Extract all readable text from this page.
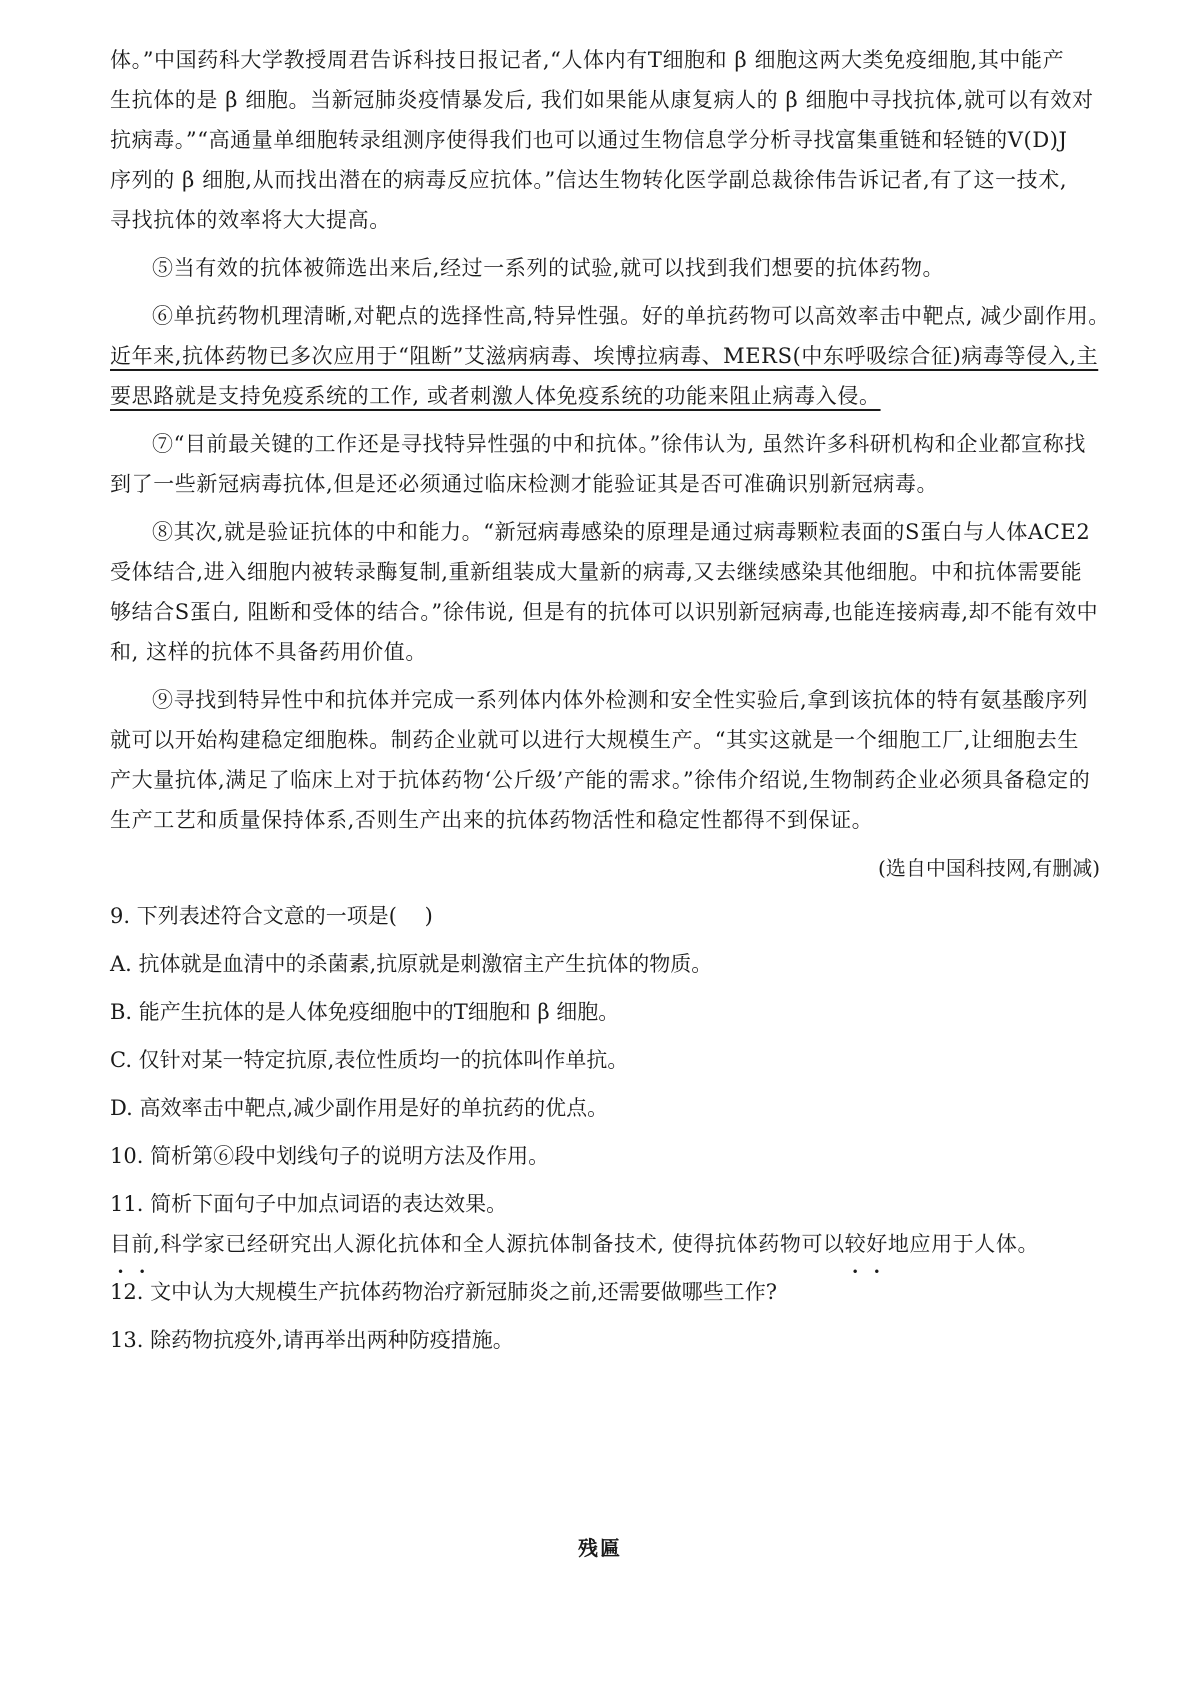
体。”中国药科大学教授周君告诉科技日报记者,“人体内有T细胞和 β 细胞这两大类免疫细胞,其中能产
生抗体的是 β 细胞。当新冠肺炎疫情暴发后, 我们如果能从康复病人的 β 细胞中寻找抗体,就可以有效对
抗病毒。”“高通量单细胞转录组测序使得我们也可以通过生物信息学分析寻找富集重链和轻链的V(D)J
序列的 β 细胞,从而找出潜在的病毒反应抗体。”信达生物转化医学副总裁徐伟告诉记者,有了这一技术,
寻找抗体的效率将大大提高。

⑤当有效的抗体被筛选出来后,经过一系列的试验,就可以找到我们想要的抗体药物。

⑥单抗药物机理清晰,对靶点的选择性高,特异性强。好的单抗药物可以高效率击中靶点, 减少副作用。
近年来,抗体药物已多次应用于“阻断”艾滋病病毒、埃博拉病毒、MERS(中东呼吸综合征)病毒等侵入,主
要思路就是支持免疫系统的工作, 或者刺激人体免疫系统的功能来阻止病毒入侵。

⑦“目前最关键的工作还是寻找特异性强的中和抗体。”徐伟认为, 虽然许多科研机构和企业都宣称找到了一些新冠病毒抗体,但是还必须通过临床检测才能验证其是否可准确识别新冠病毒。

⑧其次,就是验证抗体的中和能力。“新冠病毒感染的原理是通过病毒颗粒表面的S蛋白与人体ACE2受体结合,进入细胞内被转录酶复制,重新组装成大量新的病毒,又去继续感染其他细胞。中和抗体需要能够结合S蛋白, 阻断和受体的结合。”徐伟说, 但是有的抗体可以识别新冠病毒,也能连接病毒,却不能有效中和, 这样的抗体不具备药用价值。

⑨寻找到特异性中和抗体并完成一系列体内体外检测和安全性实验后,拿到该抗体的特有氨基酸序列就可以开始构建稳定细胞株。制药企业就可以进行大规模生产。“其实这就是一个细胞工厂,让细胞去生产大量抗体,满足了临床上对于抗体药物‘公斤级’产能的需求。”徐伟介绍说,生物制药企业必须具备稳定的生产工艺和质量保持体系,否则生产出来的抗体药物活性和稳定性都得不到保证。

(选自中国科技网,有删减)
9. 下列表述符合文意的一项是(　 )
A. 抗体就是血清中的杀菌素,抗原就是刺激宿主产生抗体的物质。
B. 能产生抗体的是人体免疫细胞中的T细胞和 β 细胞。
C. 仅针对某一特定抗原,表位性质均一的抗体叫作单抗。
D. 高效率击中靶点,减少副作用是好的单抗药的优点。
10. 简析第⑥段中划线句子的说明方法及作用。
11. 简析下面句子中加点词语的表达效果。
目前,科学家已经研究出人源化抗体和全人源抗体制备技术, 使得抗体药物可以较好地应用于人体。
12. 文中认为大规模生产抗体药物治疗新冠肺炎之前,还需要做哪些工作?
13. 除药物抗疫外,请再举出两种防疫措施。
残匾
